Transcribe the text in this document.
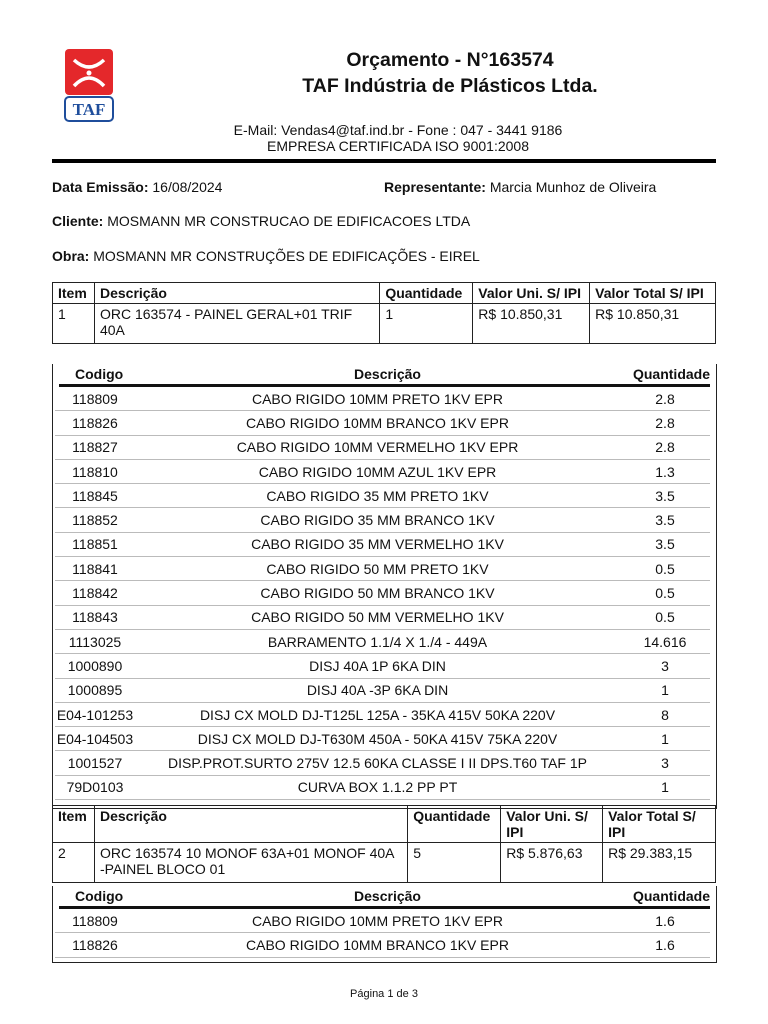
TAF
Orçamento - N°163574
TAF Indústria de Plásticos Ltda.
E-Mail: Vendas4@taf.ind.br - Fone : 047 - 3441 9186
EMPRESA CERTIFICADA ISO 9001:2008
Data Emissão: 16/08/2024	Representante: Marcia Munhoz de Oliveira
Cliente: MOSMANN MR CONSTRUCAO DE EDIFICACOES LTDA
Obra: MOSMANN MR CONSTRUÇÕES DE EDIFICAÇÕES - EIREL
Item	Descrição	Quantidade	Valor Uni. S/ IPI	Valor Total S/ IPI
1	ORC 163574 - PAINEL GERAL+01 TRIF 40A	1	R$ 10.850,31	R$ 10.850,31
Codigo	Descrição	Quantidade
118809	CABO RIGIDO 10MM PRETO 1KV EPR	2.8
118826	CABO RIGIDO 10MM BRANCO 1KV EPR	2.8
118827	CABO RIGIDO 10MM VERMELHO 1KV EPR	2.8
118810	CABO RIGIDO 10MM AZUL 1KV EPR	1.3
118845	CABO RIGIDO 35 MM PRETO 1KV	3.5
118852	CABO RIGIDO 35 MM BRANCO 1KV	3.5
118851	CABO RIGIDO 35 MM VERMELHO 1KV	3.5
118841	CABO RIGIDO 50 MM PRETO 1KV	0.5
118842	CABO RIGIDO 50 MM BRANCO 1KV	0.5
118843	CABO RIGIDO 50 MM VERMELHO 1KV	0.5
1113025	BARRAMENTO 1.1/4 X 1./4 - 449A	14.616
1000890	DISJ 40A 1P 6KA DIN	3
1000895	DISJ 40A -3P 6KA DIN	1
E04-101253	DISJ CX MOLD DJ-T125L 125A - 35KA 415V 50KA 220V	8
E04-104503	DISJ CX MOLD DJ-T630M 450A - 50KA 415V 75KA 220V	1
1001527	DISP.PROT.SURTO 275V 12.5 60KA CLASSE I II DPS.T60 TAF 1P	3
79D0103	CURVA BOX 1.1.2 PP PT	1
Item	Descrição	Quantidade	Valor Uni. S/ IPI	Valor Total S/ IPI
2	ORC 163574 10 MONOF 63A+01 MONOF 40A -PAINEL BLOCO 01	5	R$ 5.876,63	R$ 29.383,15
Codigo	Descrição	Quantidade
118809	CABO RIGIDO 10MM PRETO 1KV EPR	1.6
118826	CABO RIGIDO 10MM BRANCO 1KV EPR	1.6
Página 1 de 3
